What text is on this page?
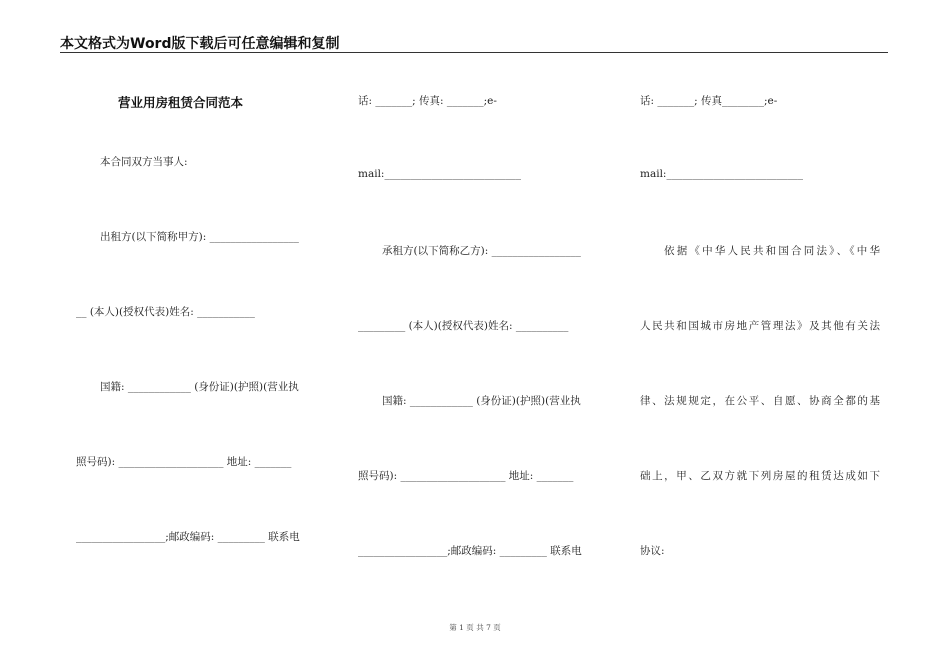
本文格式为Word版下载后可任意编辑和复制
营业用房租赁合同范本
本合同双方当事人:
出租方(以下简称甲方): _________________
__ (本人)(授权代表)姓名: ___________
国籍: ____________ (身份证)(护照)(营业执
照号码): ____________________ 地址: _______
_________________;邮政编码: _________ 联系电
话: _______; 传真: _______;e-
mail:__________________________
承租方(以下简称乙方): _________________
_________ (本人)(授权代表)姓名: __________
国籍: ____________ (身份证)(护照)(营业执
照号码): ____________________ 地址: _______
_________________;邮政编码: _________ 联系电
话: _______; 传真________;e-
mail:__________________________
依据《中华人民共和国合同法》、《中华
人民共和国城市房地产管理法》及其他有关法
律、法规规定，在公平、自愿、协商全都的基
础上，甲、乙双方就下列房屋的租赁达成如下
协议:
第 1 页 共 7 页
